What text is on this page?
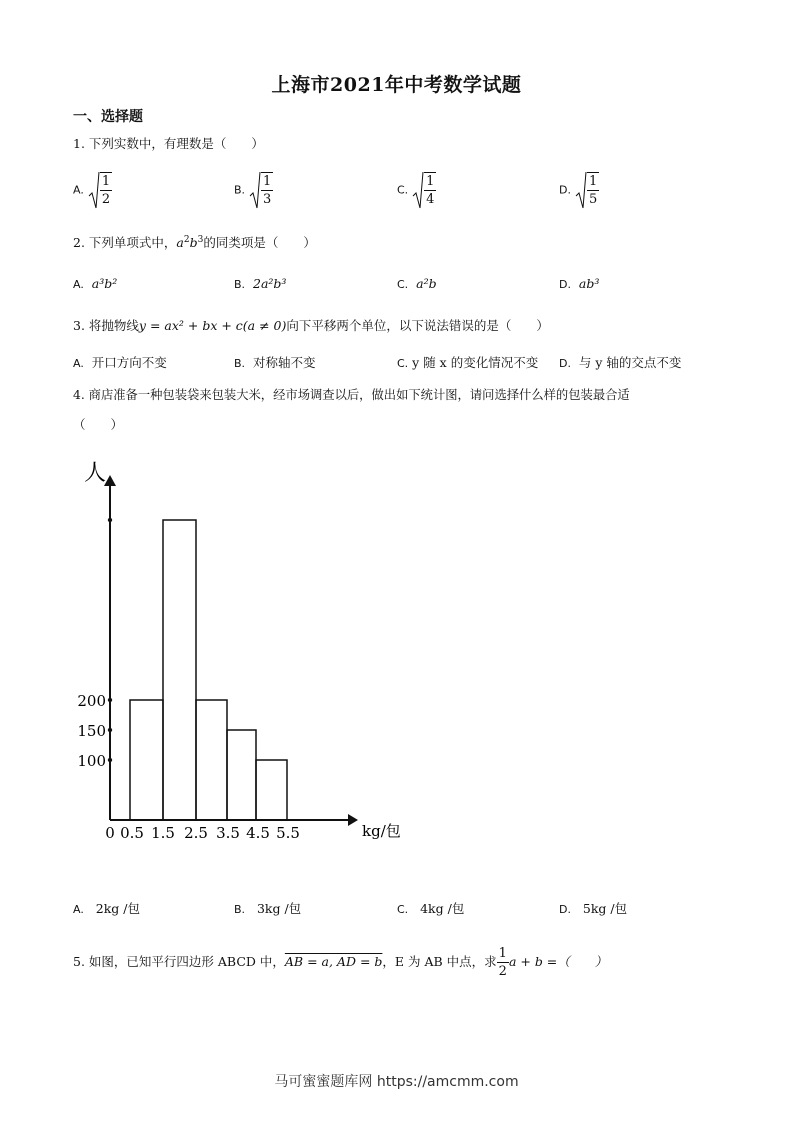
上海市2021年中考数学试题
一、选择题
1. 下列实数中，有理数是（　　）
A. $\frac{1}{2}$	B. $\frac{1}{3}$	C. $\frac{1}{4}$	D. $\frac{1}{5}$
2. 下列单项式中，$a^2b^3$的同类项是（　　）
A. a³b²	B. 2a²b³	C. a²b	D. ab³
3. 将抛物线y = ax² + bx + c(a ≠ 0)向下平移两个单位，以下说法错误的是（　　）
A. 开口方向不变	B. 对称轴不变	C. y 随 x 的变化情况不变 D. 与 y 轴的交点不变
4. 商店准备一种包装袋来包装大米，经市场调查以后，做出如下统计图，请问选择什么样的包装最合适
（　　）
200
150
100
0 0.5 1.5 2.5 3.5 4.5 5.5
人
kg/包
A. 2kg /包	B. 3kg /包	C. 4kg /包	D. 5kg /包
5. 如图，已知平行四边形 ABCD 中，AB = a, AD = b，E 为 AB 中点，求 $\frac{1}{2}$ a + b =（　　）
马可蜜蜜题库网 https://amcmm.com
